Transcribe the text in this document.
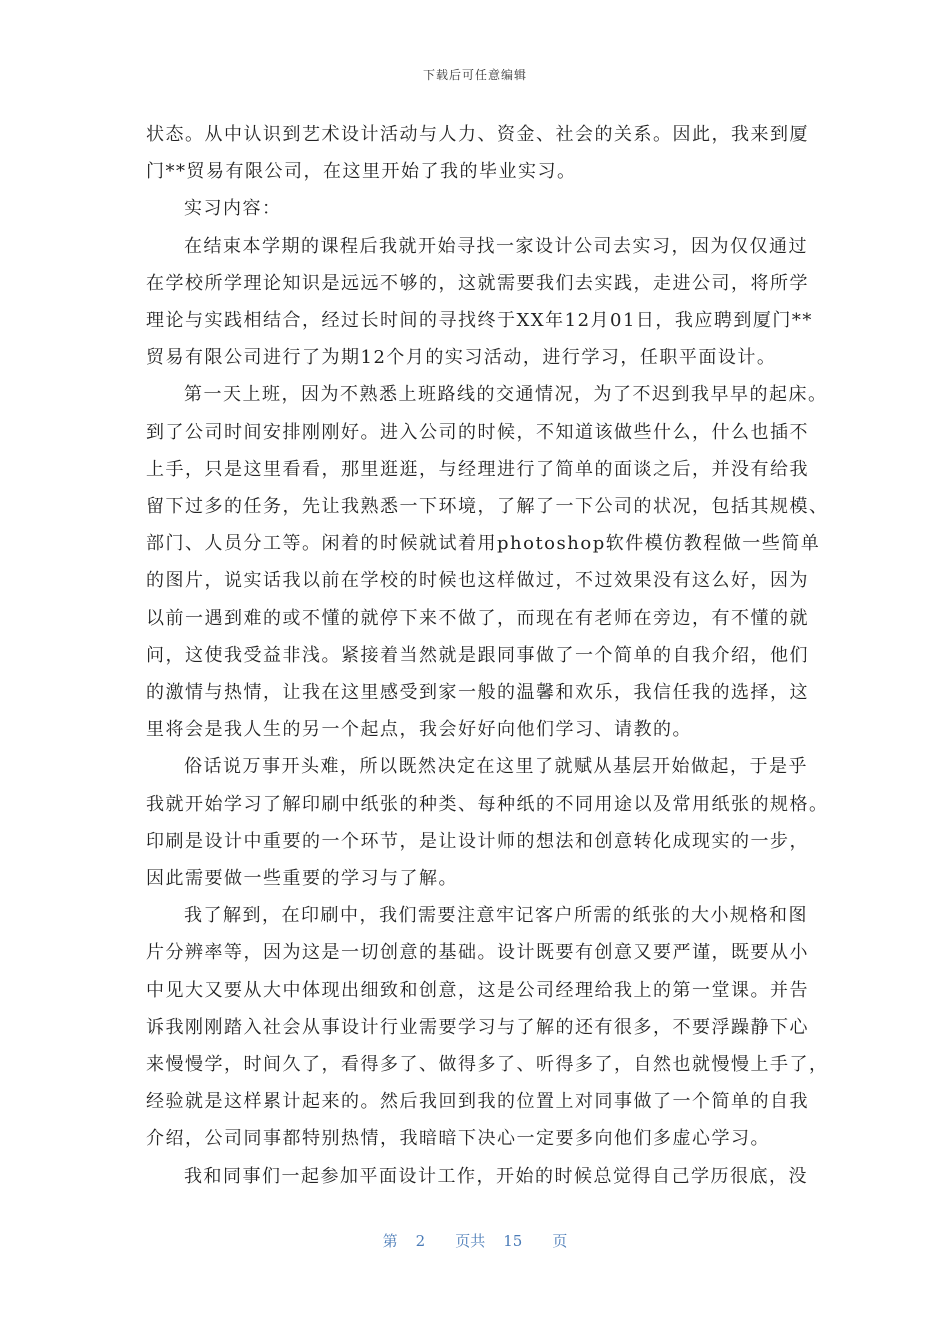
下载后可任意编辑
状态。从中认识到艺术设计活动与人力、资金、社会的关系。因此，我来到厦
门**贸易有限公司，在这里开始了我的毕业实习。
实习内容：
在结束本学期的课程后我就开始寻找一家设计公司去实习，因为仅仅通过
在学校所学理论知识是远远不够的，这就需要我们去实践，走进公司，将所学
理论与实践相结合，经过长时间的寻找终于XX年12月01日，我应聘到厦门**
贸易有限公司进行了为期12个月的实习活动，进行学习，任职平面设计。
第一天上班，因为不熟悉上班路线的交通情况，为了不迟到我早早的起床。
到了公司时间安排刚刚好。进入公司的时候，不知道该做些什么，什么也插不
上手，只是这里看看，那里逛逛，与经理进行了简单的面谈之后，并没有给我
留下过多的任务，先让我熟悉一下环境，了解了一下公司的状况，包括其规模、
部门、人员分工等。闲着的时候就试着用photoshop软件模仿教程做一些简单
的图片，说实话我以前在学校的时候也这样做过，不过效果没有这么好，因为
以前一遇到难的或不懂的就停下来不做了，而现在有老师在旁边，有不懂的就
问，这使我受益非浅。紧接着当然就是跟同事做了一个简单的自我介绍，他们
的激情与热情，让我在这里感受到家一般的温馨和欢乐，我信任我的选择，这
里将会是我人生的另一个起点，我会好好向他们学习、请教的。
俗话说万事开头难，所以既然决定在这里了就赋从基层开始做起，于是乎
我就开始学习了解印刷中纸张的种类、每种纸的不同用途以及常用纸张的规格。
印刷是设计中重要的一个环节，是让设计师的想法和创意转化成现实的一步，
因此需要做一些重要的学习与了解。
我了解到，在印刷中，我们需要注意牢记客户所需的纸张的大小规格和图
片分辨率等，因为这是一切创意的基础。设计既要有创意又要严谨，既要从小
中见大又要从大中体现出细致和创意，这是公司经理给我上的第一堂课。并告
诉我刚刚踏入社会从事设计行业需要学习与了解的还有很多，不要浮躁静下心
来慢慢学，时间久了，看得多了、做得多了、听得多了，自然也就慢慢上手了，
经验就是这样累计起来的。然后我回到我的位置上对同事做了一个简单的自我
介绍，公司同事都特别热情，我暗暗下决心一定要多向他们多虚心学习。
我和同事们一起参加平面设计工作，开始的时候总觉得自己学历很底，没
第 2 页共 15 页
